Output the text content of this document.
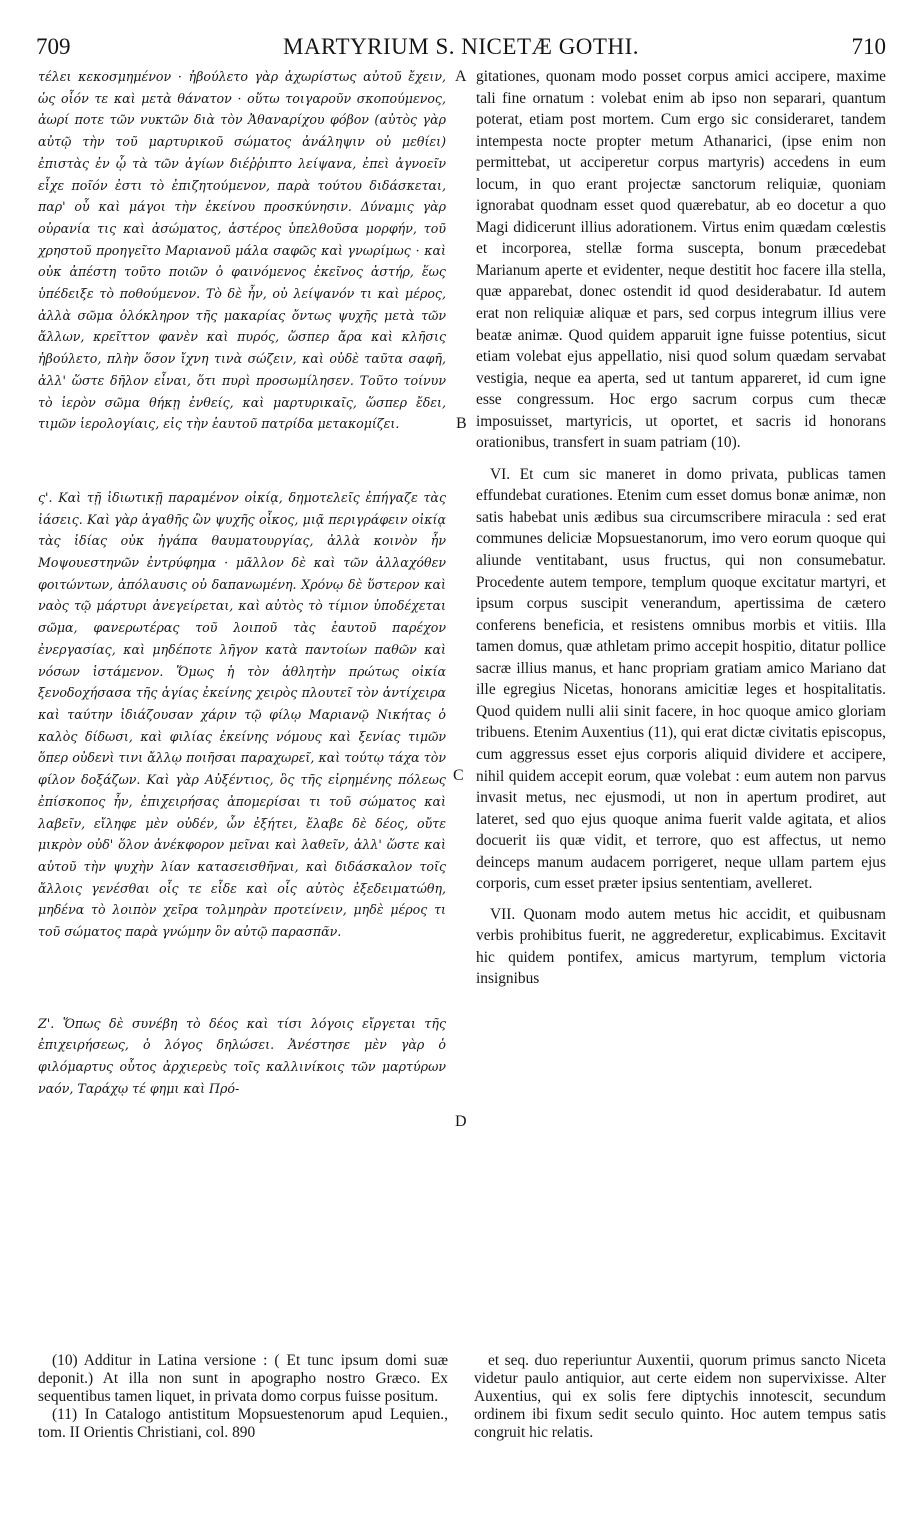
709	MARTYRIUM S. NICETÆ GOTHI.	710

τέλει κεκοσμημένον · ἠβούλετο γὰρ ἀχωρίστως αὐτοῦ ἔχειν, ὡς οἷόν τε καὶ μετὰ θάνατον · οὕτω τοιγαροῦν σκοπούμενος, ἀωρί ποτε τῶν νυκτῶν διὰ τὸν Ἀθαναρίχου φόβον (αὐτὸς γὰρ αὐτῷ τὴν τοῦ μαρτυρικοῦ σώματος ἀνάληψιν οὐ μεθίει) ἐπιστὰς ἐν ᾧ τὰ τῶν ἁγίων διέῤῥιπτο λείψανα, ἐπεὶ ἀγνοεῖν εἶχε ποῖόν ἐστι τὸ ἐπιζητούμενον, παρὰ τούτου διδάσκεται, παρ' οὗ καὶ μάγοι τὴν ἐκείνου προσκύνησιν. Δύναμις γὰρ οὐρανία τις καὶ ἀσώματος, ἀστέρος ὑπελθοῦσα μορφήν, τοῦ χρηστοῦ προηγεῖτο Μαριανοῦ μάλα σαφῶς καὶ γνωρίμως · καὶ οὐκ ἀπέστη τοῦτο ποιῶν ὁ φαινόμενος ἐκεῖνος ἀστήρ, ἕως ὑπέδειξε τὸ ποθούμενον. Τὸ δὲ ἦν, οὐ λείψανόν τι καὶ μέρος, ἀλλὰ σῶμα ὁλόκληρον τῆς μακαρίας ὄντως ψυχῆς μετὰ τῶν ἄλλων, κρεῖττον φανὲν καὶ πυρός, ὥσπερ ἄρα καὶ κλῆσις ἠβούλετο, πλὴν ὅσον ἴχνη τινὰ σώζειν, καὶ οὐδὲ ταῦτα σαφῆ, ἀλλ' ὥστε δῆλον εἶναι, ὅτι πυρὶ προσωμίλησεν. Τοῦτο τοίνυν τὸ ἱερὸν σῶμα θήκῃ ἐνθείς, καὶ μαρτυρικαῖς, ὥσπερ ἔδει, τιμῶν ἱερολογίαις, εἰς τὴν ἑαυτοῦ πατρίδα μετακομίζει.

ς'. Καὶ τῇ ἰδιωτικῇ παραμένον οἰκίᾳ, δημοτελεῖς ἐπήγαζε τὰς ἰάσεις. Καὶ γὰρ ἀγαθῆς ὢν ψυχῆς οἶκος, μιᾷ περιγράφειν οἰκίᾳ τὰς ἰδίας οὐκ ἠγάπα θαυματουργίας, ἀλλὰ κοινὸν ἦν Μοψουεστηνῶν ἐντρύφημα · μᾶλλον δὲ καὶ τῶν ἀλλαχόθεν φοιτώντων, ἀπόλαυσις οὐ δαπανωμένη. Χρόνῳ δὲ ὕστερον καὶ ναὸς τῷ μάρτυρι ἀνεγείρεται, καὶ αὐτὸς τὸ τίμιον ὑποδέχεται σῶμα, φανερωτέρας τοῦ λοιποῦ τὰς ἑαυτοῦ παρέχον ἐνεργασίας, καὶ μηδέποτε λῆγον κατὰ παντοίων παθῶν καὶ νόσων ἱστάμενον. Ὅμως ἡ τὸν ἀθλητὴν πρώτως οἰκία ξενοδοχήσασα τῆς ἁγίας ἐκείνης χειρὸς πλουτεῖ τὸν ἀντίχειρα καὶ ταύτην ἰδιάζουσαν χάριν τῷ φίλῳ Μαριανῷ Νικήτας ὁ καλὸς δίδωσι, καὶ φιλίας ἐκείνης νόμους καὶ ξενίας τιμῶν ὅπερ οὐδενὶ τινι ἄλλῳ ποιῆσαι παραχωρεῖ, καὶ τούτῳ τάχα τὸν φίλον δοξάζων. Καὶ γὰρ Αὐξέντιος, ὃς τῆς εἰρημένης πόλεως ἐπίσκοπος ἦν, ἐπιχειρήσας ἀπομερίσαι τι τοῦ σώματος καὶ λαβεῖν, εἴληφε μὲν οὐδέν, ὧν ἐξήτει, ἔλαβε δὲ δέος, οὔτε μικρὸν οὐδ' ὅλον ἀνέκφορον μεῖναι καὶ λαθεῖν, ἀλλ' ὥστε καὶ αὐτοῦ τὴν ψυχὴν λίαν κατασεισθῆναι, καὶ διδάσκαλον τοῖς ἄλλοις γενέσθαι οἷς τε εἶδε καὶ οἷς αὐτὸς ἐξεδειματώθη, μηδένα τὸ λοιπὸν χεῖρα τολμηρὰν προτείνειν, μηδὲ μέρος τι τοῦ σώματος παρὰ γνώμην ὃν αὐτῷ παρασπᾶν.

Ζ'. Ὅπως δὲ συνέβη τὸ δέος καὶ τίσι λόγοις εἴργεται τῆς ἐπιχειρήσεως, ὁ λόγος δηλώσει. Ἀνέστησε μὲν γὰρ ὁ φιλόμαρτυς οὗτος ἀρχιερεὺς τοῖς καλλινίκοις τῶν μαρτύρων ναόν, Ταράχῳ τέ φημι καὶ Πρό-

A
B
C
D

gitationes, quonam modo posset corpus amici accipere, maxime tali fine ornatum : volebat enim ab ipso non separari, quantum poterat, etiam post mortem. Cum ergo sic consideraret, tandem intempesta nocte propter metum Athanarici, (ipse enim non permittebat, ut acciperetur corpus martyris) accedens in eum locum, in quo erant projectæ sanctorum reliquiæ, quoniam ignorabat quodnam esset quod quærebatur, ab eo docetur a quo Magi didicerunt illius adorationem. Virtus enim quædam cœlestis et incorporea, stellæ forma suscepta, bonum præcedebat Marianum aperte et evidenter, neque destitit hoc facere illa stella, quæ apparebat, donec ostendit id quod desiderabatur. Id autem erat non reliquiæ aliquæ et pars, sed corpus integrum illius vere beatæ animæ. Quod quidem apparuit igne fuisse potentius, sicut etiam volebat ejus appellatio, nisi quod solum quædam servabat vestigia, neque ea aperta, sed ut tantum appareret, id cum igne esse congressum. Hoc ergo sacrum corpus cum thecæ imposuisset, martyricis, ut oportet, et sacris id honorans orationibus, transfert in suam patriam (10).

VI. Et cum sic maneret in domo privata, publicas tamen effundebat curationes. Etenim cum esset domus bonæ animæ, non satis habebat unis ædibus sua circumscribere miracula : sed erat communes deliciæ Mopsuestanorum, imo vero eorum quoque qui aliunde ventitabant, usus fructus, qui non consumebatur. Procedente autem tempore, templum quoque excitatur martyri, et ipsum corpus suscipit venerandum, apertissima de cætero conferens beneficia, et resistens omnibus morbis et vitiis. Illa tamen domus, quæ athletam primo accepit hospitio, ditatur pollice sacræ illius manus, et hanc propriam gratiam amico Mariano dat ille egregius Nicetas, honorans amicitiæ leges et hospitalitatis. Quod quidem nulli alii sinit facere, in hoc quoque amico gloriam tribuens. Etenim Auxentius (11), qui erat dictæ civitatis episcopus, cum aggressus esset ejus corporis aliquid dividere et accipere, nihil quidem accepit eorum, quæ volebat : eum autem non parvus invasit metus, nec ejusmodi, ut non in apertum prodiret, aut lateret, sed quo ejus quoque anima fuerit valde agitata, et alios docuerit iis quæ vidit, et terrore, quo est affectus, ut nemo deinceps manum audacem porrigeret, neque ullam partem ejus corporis, cum esset præter ipsius sententiam, avelleret.

VII. Quonam modo autem metus hic accidit, et quibusnam verbis prohibitus fuerit, ne aggrederetur, explicabimus. Excitavit hic quidem pontifex, amicus martyrum, templum victoria insignibus

(10) Additur in Latina versione : ( Et tunc ipsum domi suæ deponit.) At illa non sunt in apographo nostro Græco. Ex sequentibus tamen liquet, in privata domo corpus fuisse positum.

(11) In Catalogo antistitum Mopsuestenorum apud Lequien., tom. II Orientis Christiani, col. 890

et seq. duo reperiuntur Auxentii, quorum primus sancto Niceta videtur paulo antiquior, aut certe eidem non supervixisse. Alter Auxentius, qui ex solis fere diptychis innotescit, secundum ordinem ibi fixum sedit seculo quinto. Hoc autem tempus satis congruit hic relatis.
